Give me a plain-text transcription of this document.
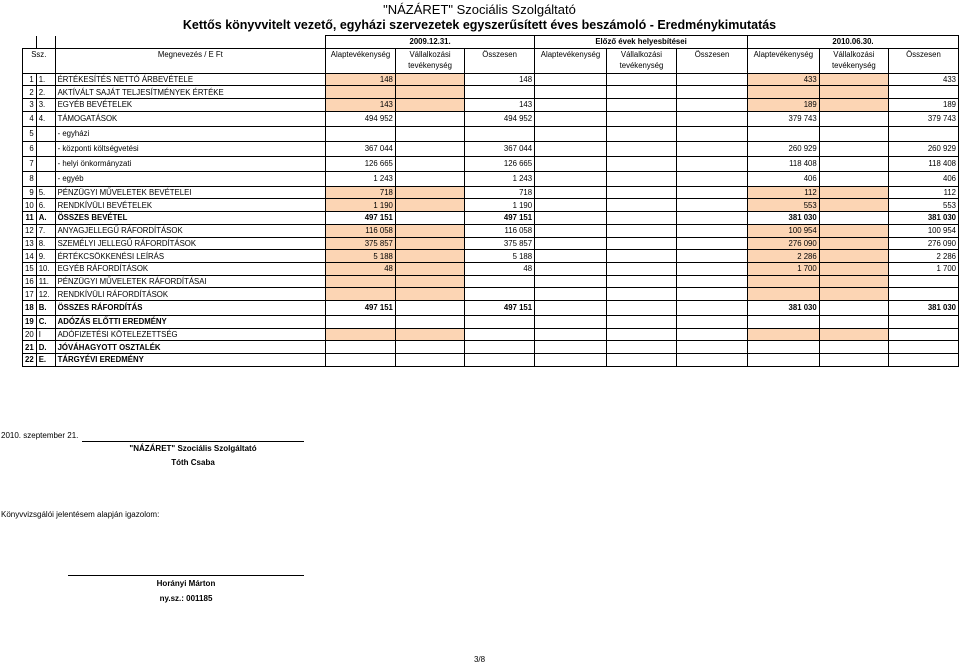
"NÁZÁRET" Szociális Szolgáltató
Kettős könyvvitelt vezető, egyházi szervezetek egyszerűsített éves beszámoló - Eredménykimutatás
			2009.12.31.			Előző évek helyesbítései			2010.06.30.		
Ssz.		Megnevezés / E Ft	Alaptevékenység	Vállalkozási tevékenység	Összesen	Alaptevékenység	Vállalkozási tevékenység	Összesen	Alaptevékenység	Vállalkozási tevékenység	Összesen
1	1.	ÉRTÉKESÍTÉS NETTÓ ÁRBEVÉTELE	148		148				433		433
2	2.	AKTÍVÁLT SAJÁT TELJESÍTMÉNYEK ÉRTÉKE									
3	3.	EGYÉB BEVÉTELEK	143		143				189		189
4	4.	TÁMOGATÁSOK	494 952		494 952				379 743		379 743
5		- egyházi									
6		- központi költségvetési	367 044		367 044				260 929		260 929
7		- helyi önkormányzati	126 665		126 665				118 408		118 408
8		- egyéb	1 243		1 243				406		406
9	5.	PÉNZÜGYI MŰVELETEK BEVÉTELEI	718		718				112		112
10	6.	RENDKÍVÜLI BEVÉTELEK	1 190		1 190				553		553
11	A.	ÖSSZES BEVÉTEL	497 151		497 151				381 030		381 030
12	7.	ANYAGJELLEGŰ RÁFORDÍTÁSOK	116 058		116 058				100 954		100 954
13	8.	SZEMÉLYI JELLEGŰ RÁFORDÍTÁSOK	375 857		375 857				276 090		276 090
14	9.	ÉRTÉKCSÖKKENÉSI LEÍRÁS	5 188		5 188				2 286		2 286
15	10.	EGYÉB RÁFORDÍTÁSOK	48		48				1 700		1 700
16	11.	PÉNZÜGYI MŰVELETEK RÁFORDÍTÁSAI									
17	12.	RENDKÍVÜLI RÁFORDÍTÁSOK									
18	B.	ÖSSZES RÁFORDÍTÁS	497 151		497 151				381 030		381 030
19	C.	ADÓZÁS ELŐTTI EREDMÉNY									
20	I	ADÓFIZETÉSI KÖTELEZETTSÉG									
21	D.	JÓVÁHAGYOTT OSZTALÉK									
22	E.	TÁRGYÉVI EREDMÉNY									
2010. szeptember 21.
"NÁZÁRET" Szociális Szolgáltató
Tóth Csaba
Könyvvizsgálói jelentésem alapján igazolom:
Horányi Márton
ny.sz.: 001185
3/8
